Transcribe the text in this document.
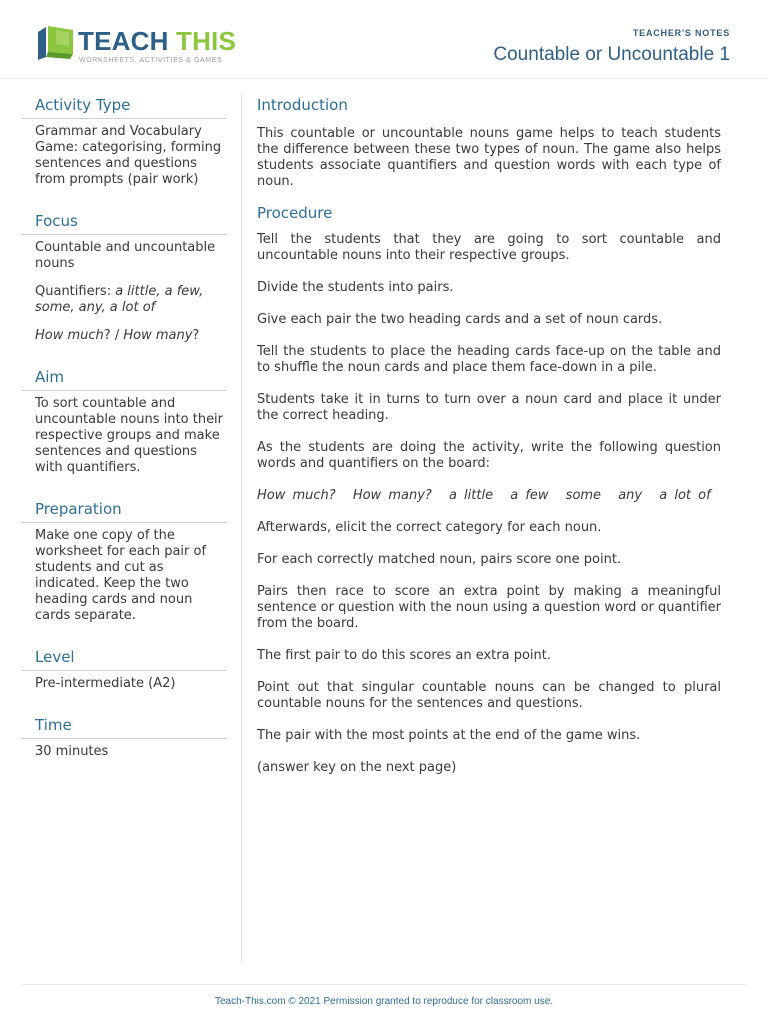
TEACH THIS
WORKSHEETS, ACTIVITIES & GAMES
TEACHER'S NOTES
Countable or Uncountable 1
Activity Type

Grammar and Vocabulary Game: categorising, forming sentences and questions from prompts (pair work)

Focus

Countable and uncountable nouns

Quantifiers: a little, a few, some, any, a lot of

How much? / How many?

Aim

To sort countable and uncountable nouns into their respective groups and make sentences and questions with quantifiers.

Preparation

Make one copy of the worksheet for each pair of students and cut as indicated. Keep the two heading cards and noun cards separate.

Level

Pre-intermediate (A2)

Time

30 minutes

Introduction

This countable or uncountable nouns game helps to teach students the difference between these two types of noun. The game also helps students associate quantifiers and question words with each type of noun.

Procedure

Tell the students that they are going to sort countable and uncountable nouns into their respective groups.

Divide the students into pairs.

Give each pair the two heading cards and a set of noun cards.

Tell the students to place the heading cards face-up on the table and to shuffle the noun cards and place them face-down in a pile.

Students take it in turns to turn over a noun card and place it under the correct heading.

As the students are doing the activity, write the following question words and quantifiers on the board:

How much? How many? a little a few some any a lot of

Afterwards, elicit the correct category for each noun.

For each correctly matched noun, pairs score one point.

Pairs then race to score an extra point by making a meaningful sentence or question with the noun using a question word or quantifier from the board.

The first pair to do this scores an extra point.

Point out that singular countable nouns can be changed to plural countable nouns for the sentences and questions.

The pair with the most points at the end of the game wins.

(answer key on the next page)

Teach-This.com © 2021 Permission granted to reproduce for classroom use.
